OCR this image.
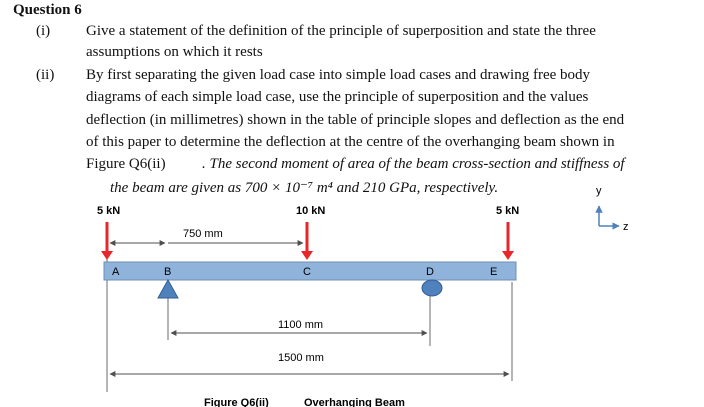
Question 6
(i) Give a statement of the definition of the principle of superposition and state the three
assumptions on which it rests
(ii) By first separating the given load case into simple load cases and drawing free body
diagrams of each simple load case, use the principle of superposition and the values
deflection (in millimetres) shown in the table of principle slopes and deflection as the end
of this paper to determine the deflection at the centre of the overhanging beam shown in
Figure Q6(ii) . The second moment of area of the beam cross-section and stiffness of
the beam are given as 700 × 10⁻⁷ m⁴ and 210 GPa, respectively.
5 kN	10 kN	5 kN
750 mm
A	B	C	D	E
1100 mm
1500 mm
y
z
Figure Q6(ii)	Overhanging Beam
